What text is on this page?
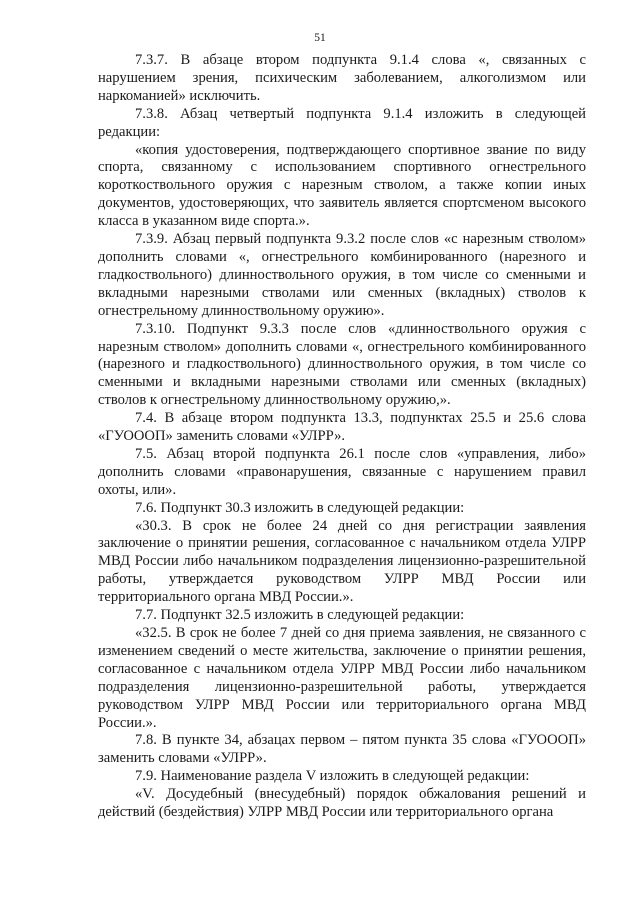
51

7.3.7. В абзаце втором подпункта 9.1.4 слова «, связанных с нарушением зрения, психическим заболеванием, алкоголизмом или наркоманией» исключить.

7.3.8. Абзац четвертый подпункта 9.1.4 изложить в следующей редакции:

«копия удостоверения, подтверждающего спортивное звание по виду спорта, связанному с использованием спортивного огнестрельного короткоствольного оружия с нарезным стволом, а также копии иных документов, удостоверяющих, что заявитель является спортсменом высокого класса в указанном виде спорта.».

7.3.9. Абзац первый подпункта 9.3.2 после слов «с нарезным стволом» дополнить словами «, огнестрельного комбинированного (нарезного и гладкоствольного) длинноствольного оружия, в том числе со сменными и вкладными нарезными стволами или сменных (вкладных) стволов к огнестрельному длинноствольному оружию».

7.3.10. Подпункт 9.3.3 после слов «длинноствольного оружия с нарезным стволом» дополнить словами «, огнестрельного комбинированного (нарезного и гладкоствольного) длинноствольного оружия, в том числе со сменными и вкладными нарезными стволами или сменных (вкладных) стволов к огнестрельному длинноствольному оружию,».

7.4. В абзаце втором подпункта 13.3, подпунктах 25.5 и 25.6 слова «ГУОООП» заменить словами «УЛРР».

7.5. Абзац второй подпункта 26.1 после слов «управления, либо» дополнить словами «правонарушения, связанные с нарушением правил охоты, или».

7.6. Подпункт 30.3 изложить в следующей редакции:

«30.3. В срок не более 24 дней со дня регистрации заявления заключение о принятии решения, согласованное с начальником отдела УЛРР МВД России либо начальником подразделения лицензионно-разрешительной работы, утверждается руководством УЛРР МВД России или территориального органа МВД России.».

7.7. Подпункт 32.5 изложить в следующей редакции:

«32.5. В срок не более 7 дней со дня приема заявления, не связанного с изменением сведений о месте жительства, заключение о принятии решения, согласованное с начальником отдела УЛРР МВД России либо начальником подразделения лицензионно-разрешительной работы, утверждается руководством УЛРР МВД России или территориального органа МВД России.».

7.8. В пункте 34, абзацах первом – пятом пункта 35 слова «ГУОООП» заменить словами «УЛРР».

7.9. Наименование раздела V изложить в следующей редакции:

«V. Досудебный (внесудебный) порядок обжалования решений и действий (бездействия) УЛРР МВД России или территориального органа
